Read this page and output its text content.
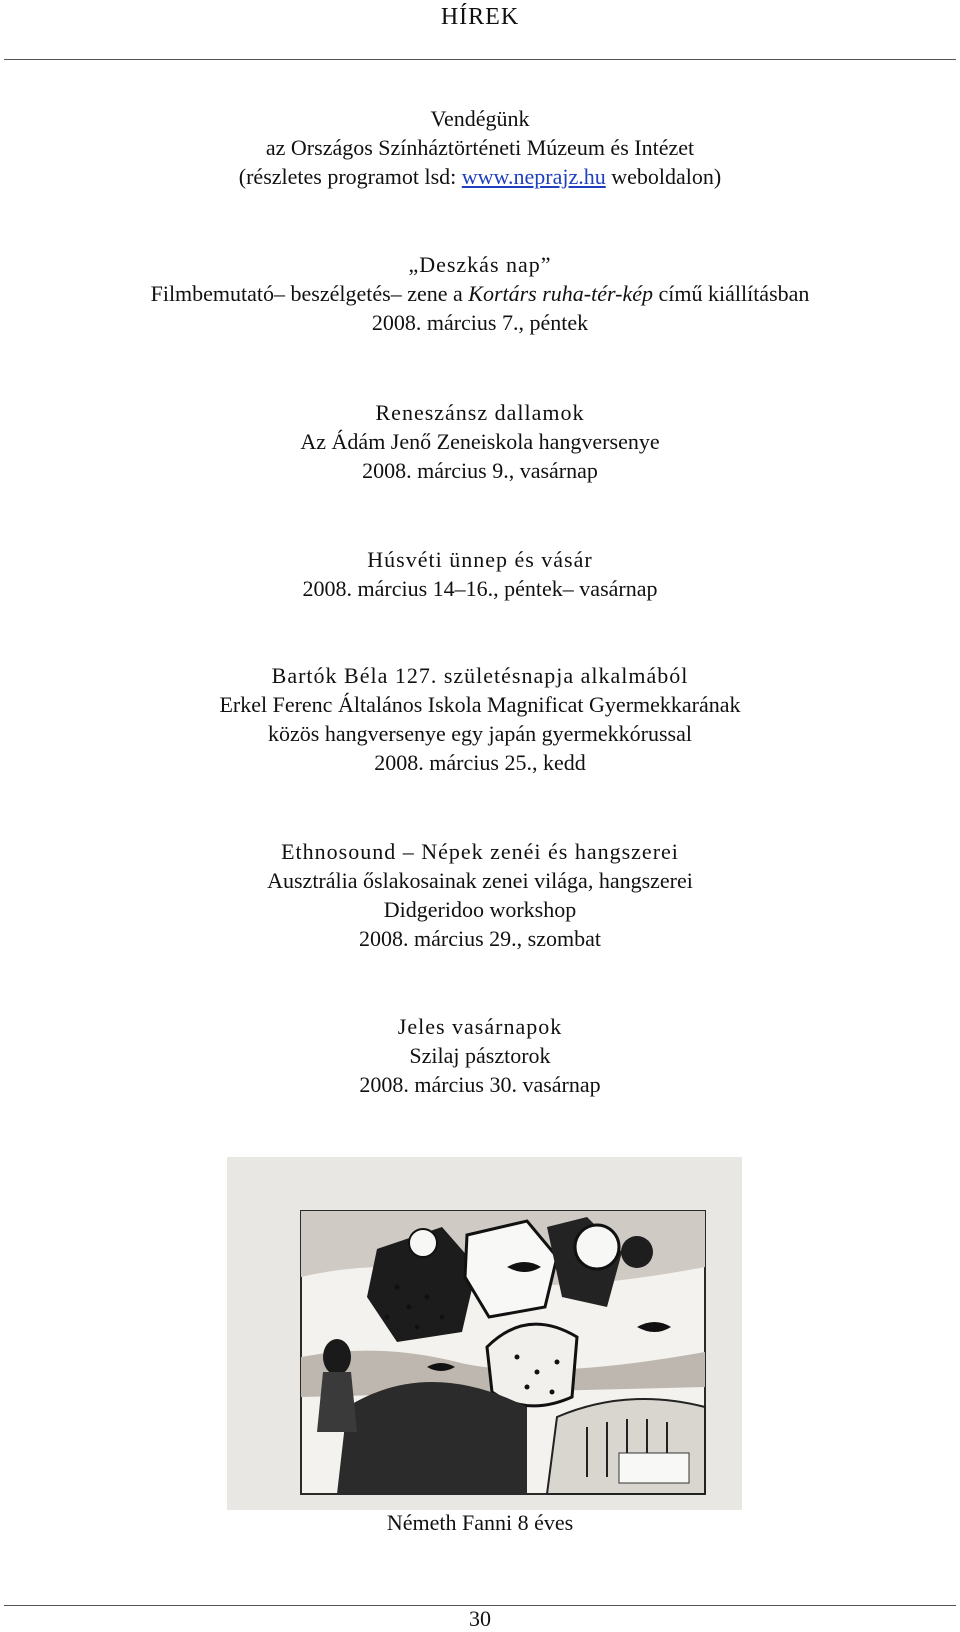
HÍREK
Vendégünk
az Országos Színháztörténeti Múzeum és Intézet
(részletes programot lsd: www.neprajz.hu weboldalon)
„Deszkás nap”
Filmbemutató– beszélgetés– zene a Kortárs ruha-tér-kép című kiállításban
2008. március 7., péntek
Reneszánsz dallamok
Az Ádám Jenő Zeneiskola hangversenye
2008. március 9., vasárnap
Húsvéti ünnep és vásár
2008. március 14–16., péntek– vasárnap
Bartók Béla 127. születésnapja alkalmából
Erkel Ferenc Általános Iskola Magnificat Gyermekkarának
közös hangversenye egy japán gyermekkórussal
2008. március 25., kedd
Ethnosound – Népek zenéi és hangszerei
Ausztrália őslakosainak zenei világa, hangszerei
Didgeridoo workshop
2008. március 29., szombat
Jeles vasárnapok
Szilaj pásztorok
2008. március 30. vasárnap
Németh Fanni 8 éves
30
